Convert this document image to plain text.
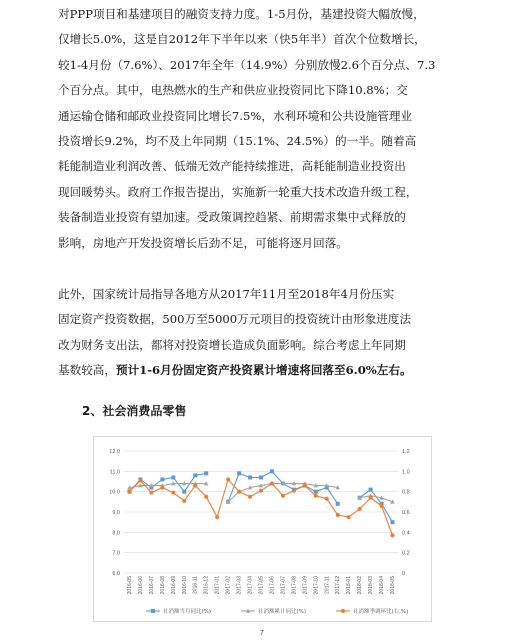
对PPP项目和基建项目的融资支持力度。1-5月份，基建投资大幅放慢，
仅增长5.0%，这是自2012年下半年以来（快5年半）首次个位数增长，
较1-4月份（7.6%）、2017年全年（14.9%）分别放慢2.6个百分点、7.3
个百分点。其中，电热燃水的生产和供应业投资同比下降10.8%；交
通运输仓储和邮政业投资同比增长7.5%，水利环境和公共设施管理业
投资增长9.2%，均不及上年同期（15.1%、24.5%）的一半。随着高
耗能制造业利润改善、低端无效产能持续推进，高耗能制造业投资出
现回暖势头。政府工作报告提出，实施新一轮重大技术改造升级工程，
装备制造业投资有望加速。受政策调控趋紧、前期需求集中式释放的
影响，房地产开发投资增长后劲不足，可能将逐月回落。
此外，国家统计局指导各地方从2017年11月至2018年4月份压实
固定资产投资数据，500万至5000万元项目的投资统计由形象进度法
改为财务支出法，都将对投资增长造成负面影响。综合考虑上年同期
基数较高，预计1-6月份固定资产投资累计增速将回落至6.0%左右。
2、社会消费品零售
6.0
7.0
8.0
9.0
10.0
11.0
12.0
0
0.2
0.4
0.6
0.8
1.0
1.2
2016-05 2016-06 2016-07 2016-08 2016-09 2016-10 2016-11 2016-12 2017-01 2017-02 2017-03 2017-04 2017-05 2017-06 2017-07 2017-08 2017-09 2017-10 2017-11 2017-12 2018-01 2018-02 2018-03 2018-04 2018-05
社消额当月同比(%)	社消额累计同比(%)	社消额季调环比(右,%)
7
